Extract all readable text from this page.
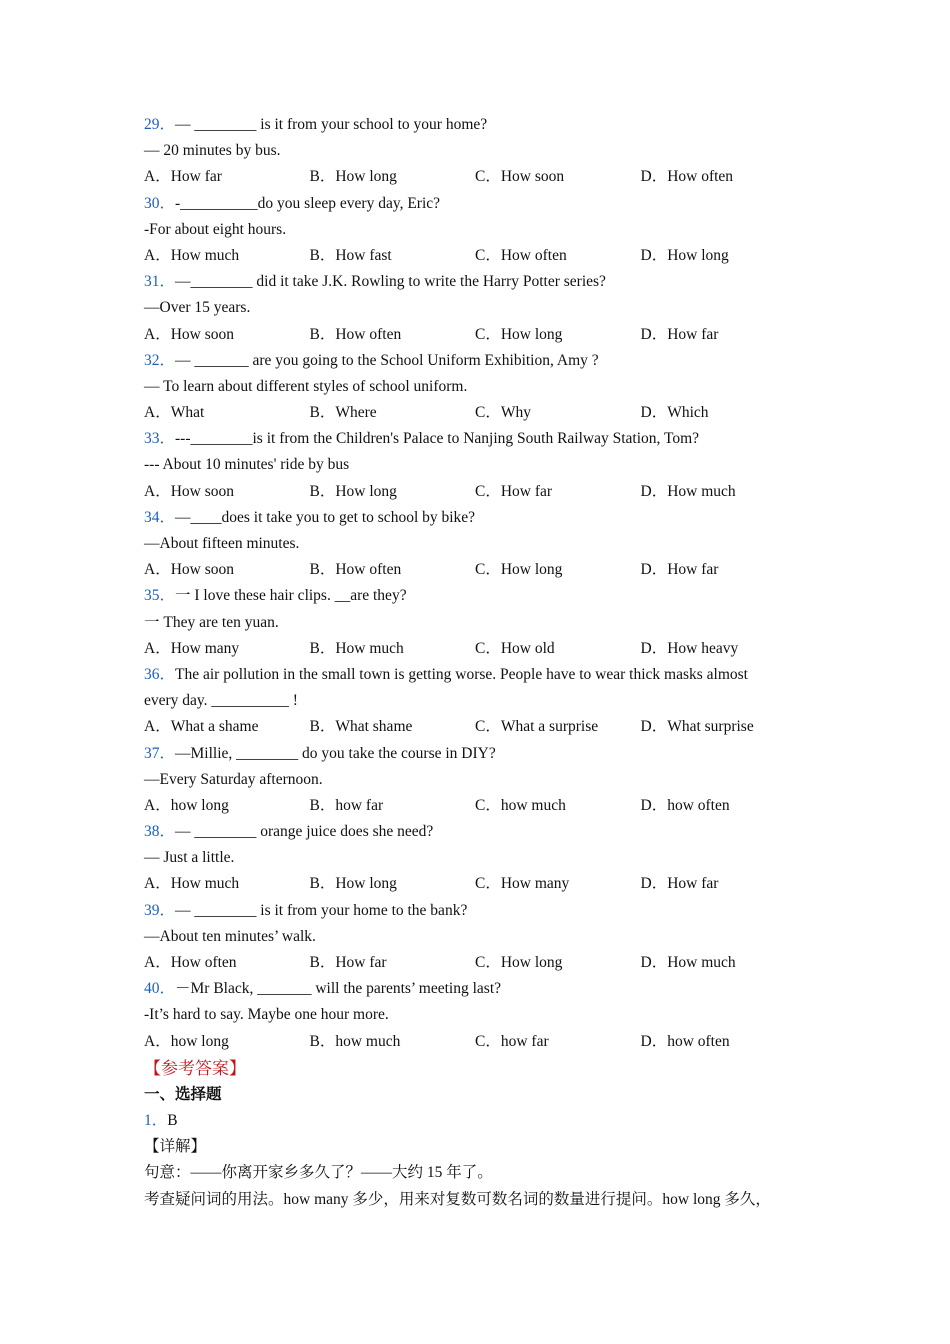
29．— ________ is it from your school to your home?
— 20 minutes by bus.
A．How far	B．How long	C．How soon	D．How often
30．-__________do you sleep every day, Eric?
-For about eight hours.
A．How much	B．How fast	C．How often	D．How long
31．—________ did it take J.K. Rowling to write the Harry Potter series?
—Over 15 years.
A．How soon	B．How often	C．How long	D．How far
32．— _______ are you going to the School Uniform Exhibition, Amy ?
— To learn about different styles of school uniform.
A．What	B．Where	C．Why	D．Which
33．---________is it from the Children's Palace to Nanjing South Railway Station, Tom?
--- About 10 minutes' ride by bus
A．How soon	B．How long	C．How far	D．How much
34．—____does it take you to get to school by bike?
—About fifteen minutes.
A．How soon	B．How often	C．How long	D．How far
35．一 I love these hair clips. __are they?
一 They are ten yuan.
A．How many	B．How much	C．How old	D．How heavy
36．The air pollution in the small town is getting worse. People have to wear thick masks almost
every day. __________ !
A．What a shame	B．What shame	C．What a surprise	D．What surprise
37．—Millie, ________ do you take the course in DIY?
—Every Saturday afternoon.
A．how long	B．how far	C．how much	D．how often
38．— ________ orange juice does she need?
— Just a little.
A．How much	B．How long	C．How many	D．How far
39．— ________ is it from your home to the bank?
—About ten minutes’ walk.
A．How often	B．How far	C．How long	D．How much
40．－Mr Black, _______ will the parents’ meeting last?
-It’s hard to say. Maybe one hour more.
A．how long	B．how much	C．how far	D．how often
【参考答案】
一、选择题
1．B
【详解】
句意：——你离开家乡多久了？——大约 15 年了。
考查疑问词的用法。how many 多少，用来对复数可数名词的数量进行提问。how long 多久，
